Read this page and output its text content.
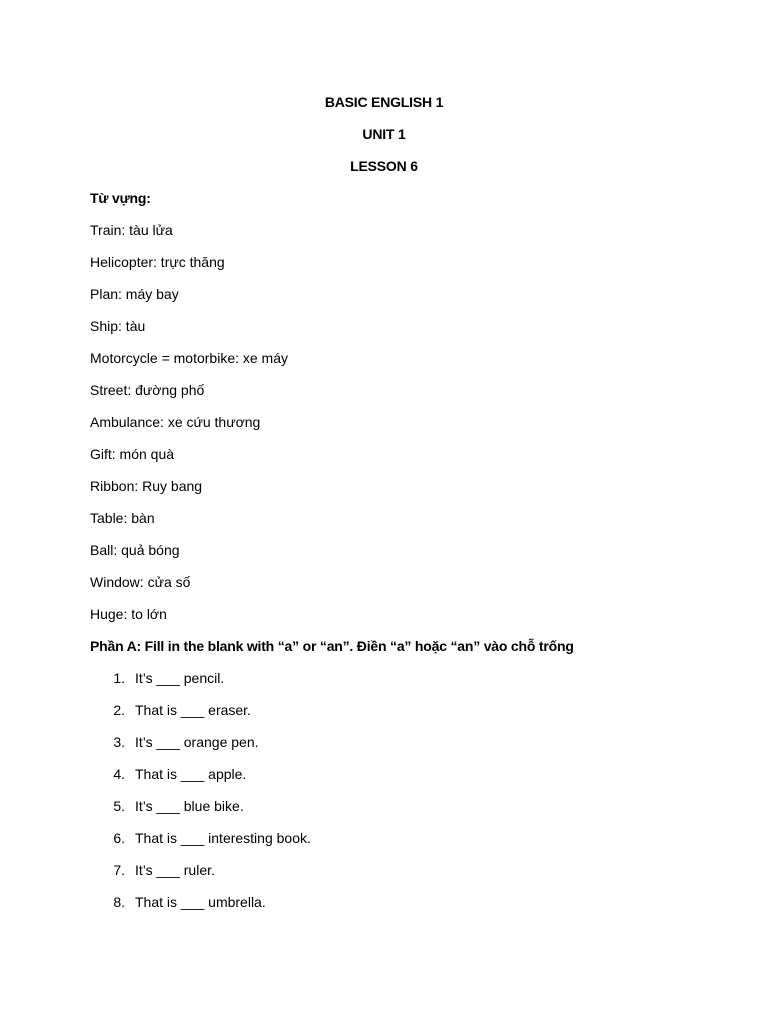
BASIC ENGLISH 1
UNIT 1
LESSON 6
Từ vựng:
Train: tàu lửa
Helicopter: trực thăng
Plan: máy bay
Ship: tàu
Motorcycle = motorbike: xe máy
Street: đường phố
Ambulance: xe cứu thương
Gift: món quà
Ribbon: Ruy bang
Table: bàn
Ball: quả bóng
Window: cửa số
Huge: to lớn
Phần A: Fill in the blank with “a” or “an”. Điền “a” hoặc “an” vào chỗ trống
1. It’s ___ pencil.
2. That is ___ eraser.
3. It’s ___ orange pen.
4. That is ___ apple.
5. It’s ___ blue bike.
6. That is ___ interesting book.
7. It’s ___ ruler.
8. That is ___ umbrella.
